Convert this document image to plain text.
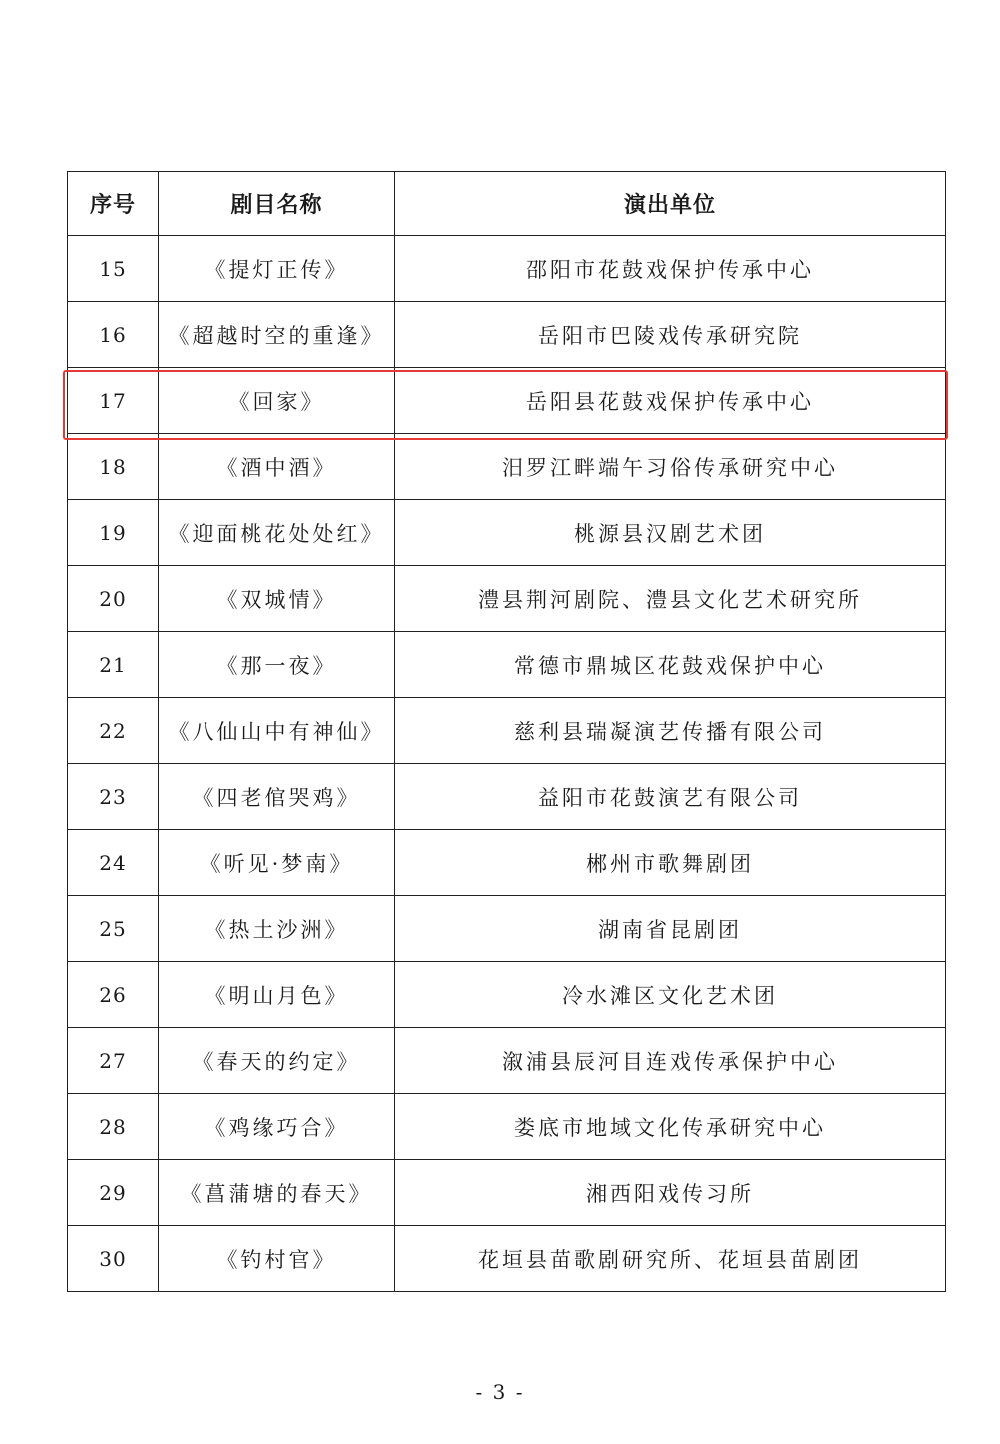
序号	剧目名称	演出单位
15	《提灯正传》	邵阳市花鼓戏保护传承中心
16	《超越时空的重逢》	岳阳市巴陵戏传承研究院
17	《回家》	岳阳县花鼓戏保护传承中心
18	《酒中酒》	汨罗江畔端午习俗传承研究中心
19	《迎面桃花处处红》	桃源县汉剧艺术团
20	《双城情》	澧县荆河剧院、澧县文化艺术研究所
21	《那一夜》	常德市鼎城区花鼓戏保护中心
22	《八仙山中有神仙》	慈利县瑞凝演艺传播有限公司
23	《四老倌哭鸡》	益阳市花鼓演艺有限公司
24	《听见·梦南》	郴州市歌舞剧团
25	《热土沙洲》	湖南省昆剧团
26	《明山月色》	冷水滩区文化艺术团
27	《春天的约定》	溆浦县辰河目连戏传承保护中心
28	《鸡缘巧合》	娄底市地域文化传承研究中心
29	《菖蒲塘的春天》	湘西阳戏传习所
30	《钓村官》	花垣县苗歌剧研究所、花垣县苗剧团
- 3 -
